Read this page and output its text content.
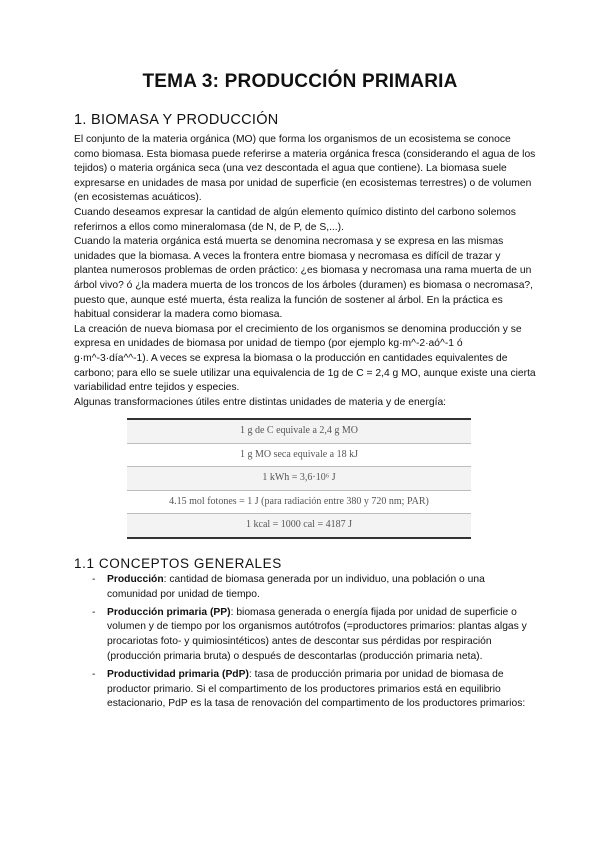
TEMA 3: PRODUCCIÓN PRIMARIA
1. BIOMASA Y PRODUCCIÓN

El conjunto de la materia orgánica (MO) que forma los organismos de un ecosistema se conoce como biomasa. Esta biomasa puede referirse a materia orgánica fresca (considerando el agua de los tejidos) o materia orgánica seca (una vez descontada el agua que contiene). La biomasa suele expresarse en unidades de masa por unidad de superficie (en ecosistemas terrestres) o de volumen (en ecosistemas acuáticos).

Cuando deseamos expresar la cantidad de algún elemento químico distinto del carbono solemos referirnos a ellos como mineralomasa (de N, de P, de S,...).

Cuando la materia orgánica está muerta se denomina necromasa y se expresa en las mismas unidades que la biomasa. A veces la frontera entre biomasa y necromasa es difícil de trazar y plantea numerosos problemas de orden práctico: ¿es biomasa y necromasa una rama muerta de un árbol vivo? ó ¿la madera muerta de los troncos de los árboles (duramen) es biomasa o necromasa?, puesto que, aunque esté muerta, ésta realiza la función de sostener al árbol. En la práctica es habitual considerar la madera como biomasa.

La creación de nueva biomasa por el crecimiento de los organismos se denomina producción y se expresa en unidades de biomasa por unidad de tiempo (por ejemplo kg·m^-2·aó^-1 ó g·m^-3·día^^-1). A veces se expresa la biomasa o la producción en cantidades equivalentes de carbono; para ello se suele utilizar una equivalencia de 1g de C = 2,4 g MO, aunque existe una cierta variabilidad entre tejidos y especies.

Algunas transformaciones útiles entre distintas unidades de materia y de energía:

1 g de C equivale a 2,4 g MO
1 g MO seca equivale a 18 kJ
1 kWh = 3,6·10⁶ J
4.15 mol fotones = 1 J (para radiación entre 380 y 720 nm; PAR)
1 kcal = 1000 cal = 4187 J
1.1 CONCEPTOS GENERALES
- Producción: cantidad de biomasa generada por un individuo, una población o una comunidad por unidad de tiempo.
- Producción primaria (PP): biomasa generada o energía fijada por unidad de superficie o volumen y de tiempo por los organismos autótrofos (=productores primarios: plantas algas y procariotas foto- y quimiosintéticos) antes de descontar sus pérdidas por respiración (producción primaria bruta) o después de descontarlas (producción primaria neta).
- Productividad primaria (PdP): tasa de producción primaria por unidad de biomasa de productor primario. Si el compartimento de los productores primarios está en equilibrio estacionario, PdP es la tasa de renovación del compartimento de los productores primarios:
